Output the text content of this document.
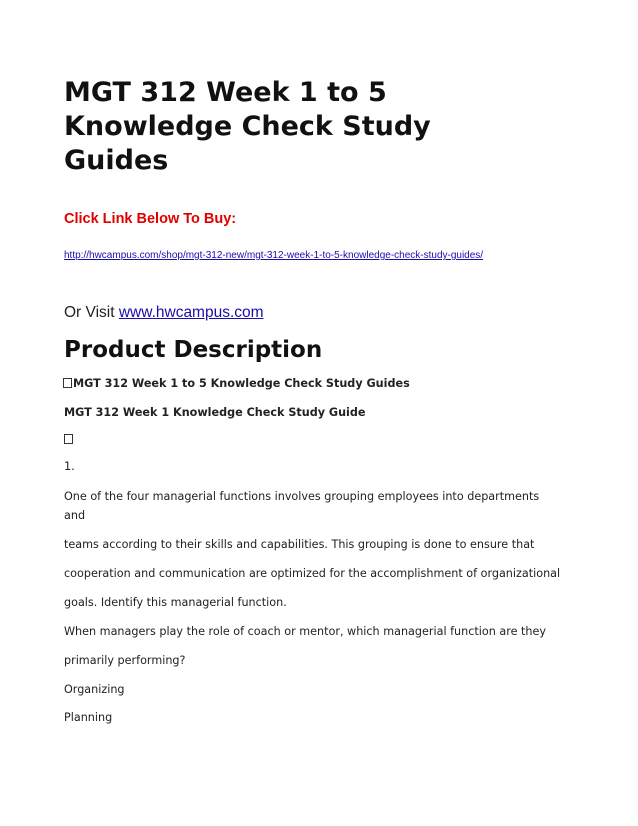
MGT 312 Week 1 to 5
Knowledge Check Study
Guides

Click Link Below To Buy:

http://hwcampus.com/shop/mgt-312-new/mgt-312-week-1-to-5-knowledge-check-study-guides/
Or Visit www.hwcampus.com
Product Description

MGT 312 Week 1 to 5 Knowledge Check Study Guides

MGT 312 Week 1 Knowledge Check Study Guide

1.

One of the four managerial functions involves grouping employees into departments

and

teams according to their skills and capabilities. This grouping is done to ensure that

cooperation and communication are optimized for the accomplishment of organizational

goals. Identify this managerial function.

When managers play the role of coach or mentor, which managerial function are they

primarily performing?

Organizing

Planning
